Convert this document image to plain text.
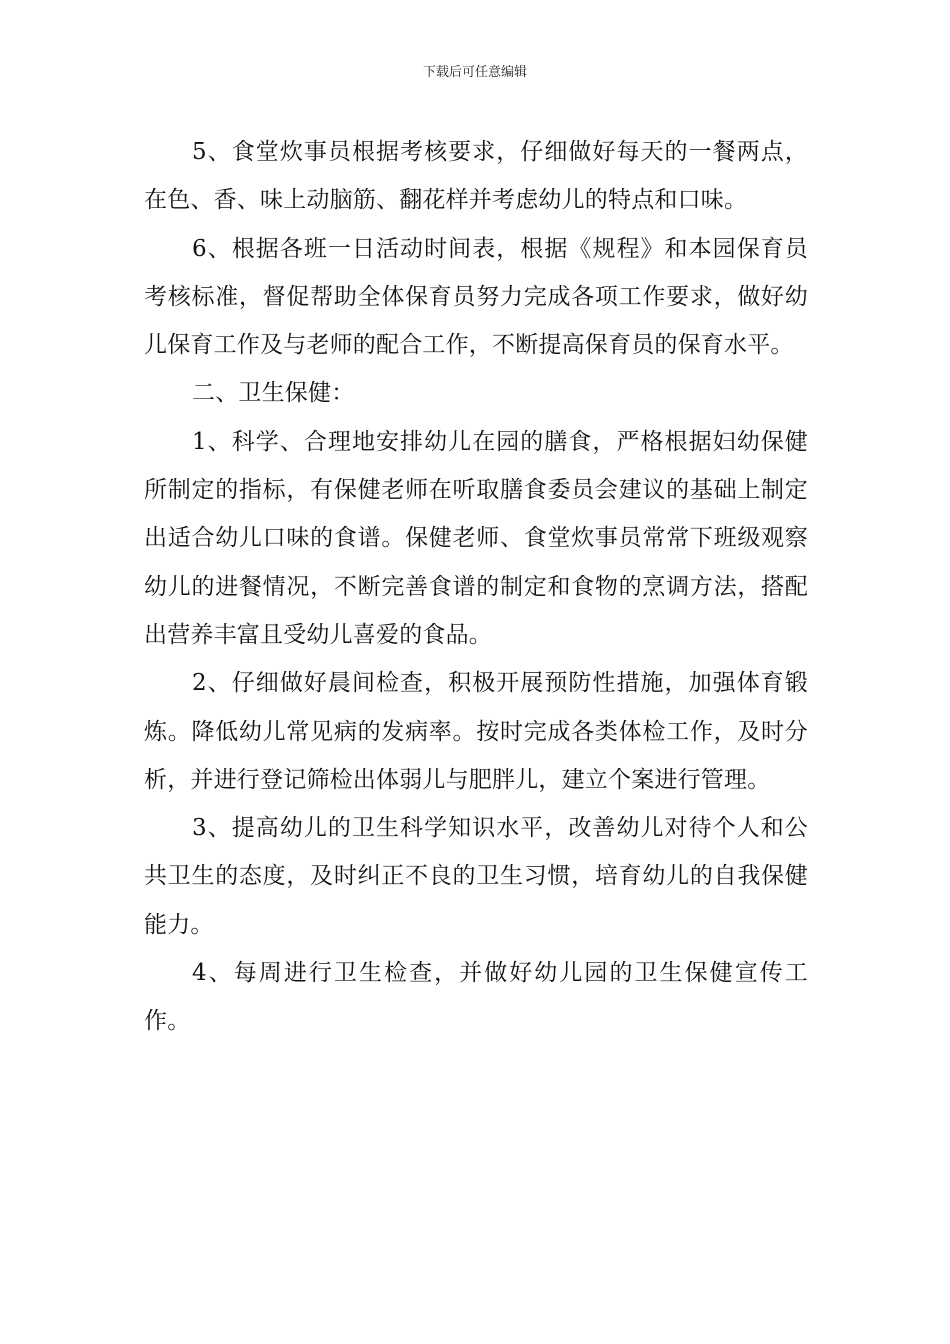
下载后可任意编辑

5、食堂炊事员根据考核要求，仔细做好每天的一餐两点，在色、香、味上动脑筋、翻花样并考虑幼儿的特点和口味。

6、根据各班一日活动时间表，根据《规程》和本园保育员考核标准，督促帮助全体保育员努力完成各项工作要求，做好幼儿保育工作及与老师的配合工作，不断提高保育员的保育水平。

二、卫生保健：

1、科学、合理地安排幼儿在园的膳食，严格根据妇幼保健所制定的指标，有保健老师在听取膳食委员会建议的基础上制定出适合幼儿口味的食谱。保健老师、食堂炊事员常常下班级观察幼儿的进餐情况，不断完善食谱的制定和食物的烹调方法，搭配出营养丰富且受幼儿喜爱的食品。

2、仔细做好晨间检查，积极开展预防性措施，加强体育锻炼。降低幼儿常见病的发病率。按时完成各类体检工作，及时分析，并进行登记筛检出体弱儿与肥胖儿，建立个案进行管理。

3、提高幼儿的卫生科学知识水平，改善幼儿对待个人和公共卫生的态度，及时纠正不良的卫生习惯，培育幼儿的自我保健能力。

4、每周进行卫生检查，并做好幼儿园的卫生保健宣传工作。
